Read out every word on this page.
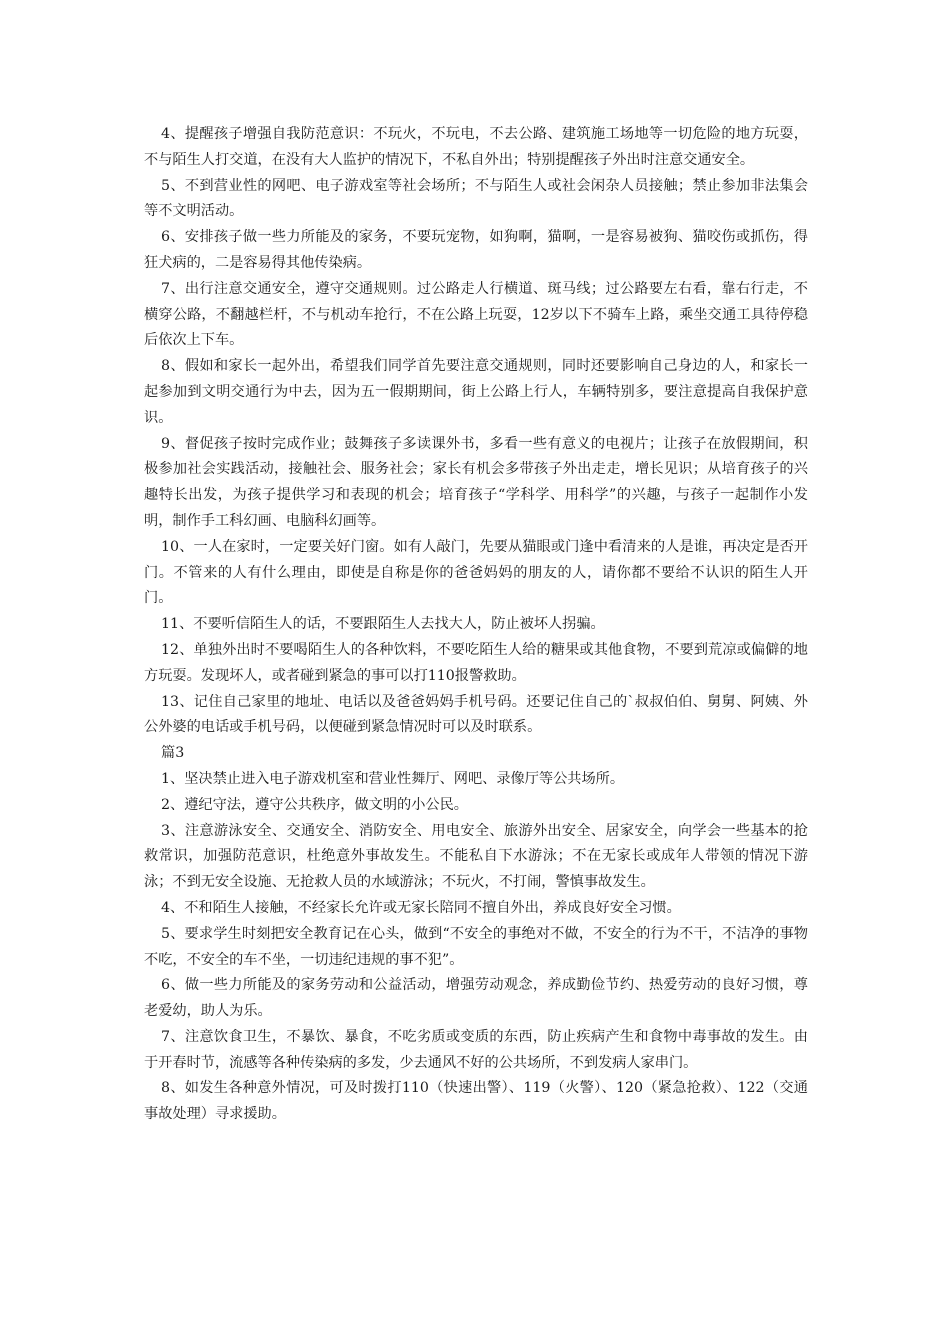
4、提醒孩子增强自我防范意识：不玩火，不玩电，不去公路、建筑施工场地等一切危险的地方玩耍，不与陌生人打交道，在没有大人监护的情况下，不私自外出；特别提醒孩子外出时注意交通安全。

5、不到营业性的网吧、电子游戏室等社会场所；不与陌生人或社会闲杂人员接触；禁止参加非法集会等不文明活动。

6、安排孩子做一些力所能及的家务，不要玩宠物，如狗啊，猫啊，一是容易被狗、猫咬伤或抓伤，得狂犬病的，二是容易得其他传染病。

7、出行注意交通安全，遵守交通规则。过公路走人行横道、斑马线；过公路要左右看，靠右行走，不横穿公路，不翻越栏杆，不与机动车抢行，不在公路上玩耍，12岁以下不骑车上路，乘坐交通工具待停稳后依次上下车。

8、假如和家长一起外出，希望我们同学首先要注意交通规则，同时还要影响自己身边的人，和家长一起参加到文明交通行为中去，因为五一假期期间，街上公路上行人，车辆特别多，要注意提高自我保护意识。

9、督促孩子按时完成作业；鼓舞孩子多读课外书，多看一些有意义的电视片；让孩子在放假期间，积极参加社会实践活动，接触社会、服务社会；家长有机会多带孩子外出走走，增长见识；从培育孩子的兴趣特长出发，为孩子提供学习和表现的机会；培育孩子“学科学、用科学”的兴趣，与孩子一起制作小发明，制作手工科幻画、电脑科幻画等。

10、一人在家时，一定要关好门窗。如有人敲门，先要从猫眼或门逢中看清来的人是谁，再决定是否开门。不管来的人有什么理由，即使是自称是你的爸爸妈妈的朋友的人，请你都不要给不认识的陌生人开门。

11、不要听信陌生人的话，不要跟陌生人去找大人，防止被坏人拐骗。

12、单独外出时不要喝陌生人的各种饮料，不要吃陌生人给的糖果或其他食物，不要到荒凉或偏僻的地方玩耍。发现坏人，或者碰到紧急的事可以打110报警救助。

13、记住自己家里的地址、电话以及爸爸妈妈手机号码。还要记住自己的`叔叔伯伯、舅舅、阿姨、外公外婆的电话或手机号码，以便碰到紧急情况时可以及时联系。

篇3

1、坚决禁止进入电子游戏机室和营业性舞厅、网吧、录像厅等公共场所。

2、遵纪守法，遵守公共秩序，做文明的小公民。

3、注意游泳安全、交通安全、消防安全、用电安全、旅游外出安全、居家安全，向学会一些基本的抢救常识，加强防范意识，杜绝意外事故发生。不能私自下水游泳；不在无家长或成年人带领的情况下游泳；不到无安全设施、无抢救人员的水域游泳；不玩火，不打闹，警慎事故发生。

4、不和陌生人接触，不经家长允许或无家长陪同不擅自外出，养成良好安全习惯。

5、要求学生时刻把安全教育记在心头，做到“不安全的事绝对不做，不安全的行为不干，不洁净的事物不吃，不安全的车不坐，一切违纪违规的事不犯”。

6、做一些力所能及的家务劳动和公益活动，增强劳动观念，养成勤俭节约、热爱劳动的良好习惯，尊老爱幼，助人为乐。

7、注意饮食卫生，不暴饮、暴食，不吃劣质或变质的东西，防止疾病产生和食物中毒事故的发生。由于开春时节，流感等各种传染病的多发，少去通风不好的公共场所，不到发病人家串门。

8、如发生各种意外情况，可及时拨打110（快速出警）、119（火警）、120（紧急抢救）、122（交通事故处理）寻求援助。
